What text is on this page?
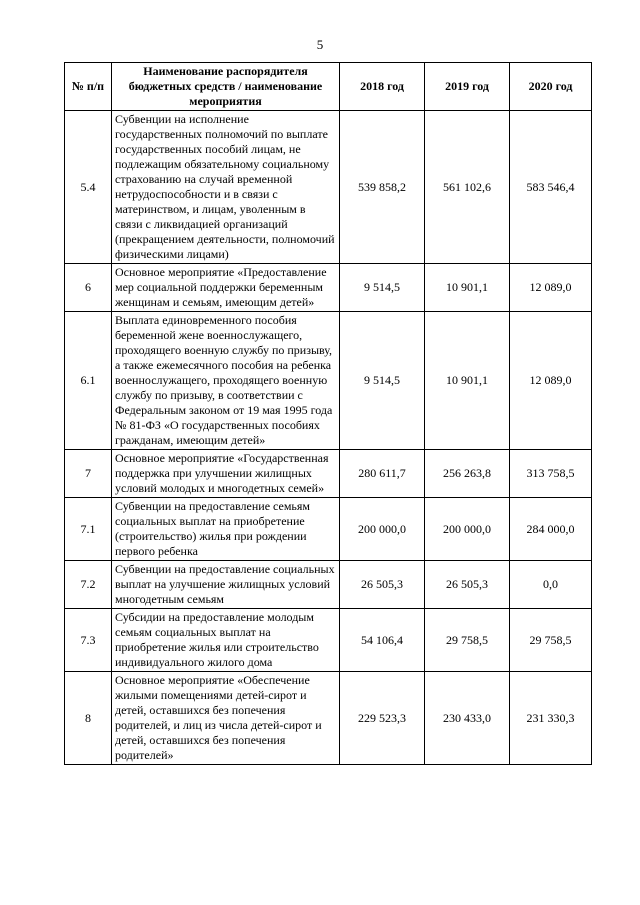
5
№ п/п	Наименование распорядителя бюджетных средств / наименование мероприятия	2018 год	2019 год	2020 год
5.4	Субвенции на исполнение государственных полномочий по выплате государственных пособий лицам, не подлежащим обязательному социальному страхованию на случай временной нетрудоспособности и в связи с материнством, и лицам, уволенным в связи с ликвидацией организаций (прекращением деятельности, полномочий физическими лицами)	539 858,2	561 102,6	583 546,4
6	Основное мероприятие «Предоставление мер социальной поддержки беременным женщинам и семьям, имеющим детей»	9 514,5	10 901,1	12 089,0
6.1	Выплата единовременного пособия беременной жене военнослужащего, проходящего военную службу по призыву, а также ежемесячного пособия на ребенка военнослужащего, проходящего военную службу по призыву, в соответствии с Федеральным законом от 19 мая 1995 года № 81-ФЗ «О государственных пособиях гражданам, имеющим детей»	9 514,5	10 901,1	12 089,0
7	Основное мероприятие «Государственная поддержка при улучшении жилищных условий молодых и многодетных семей»	280 611,7	256 263,8	313 758,5
7.1	Субвенции на предоставление семьям социальных выплат на приобретение (строительство) жилья при рождении первого ребенка	200 000,0	200 000,0	284 000,0
7.2	Субвенции на предоставление социальных выплат на улучшение жилищных условий многодетным семьям	26 505,3	26 505,3	0,0
7.3	Субсидии на предоставление молодым семьям социальных выплат на приобретение жилья или строительство индивидуального жилого дома	54 106,4	29 758,5	29 758,5
8	Основное мероприятие «Обеспечение жилыми помещениями детей-сирот и детей, оставшихся без попечения родителей, и лиц из числа детей-сирот и детей, оставшихся без попечения родителей»	229 523,3	230 433,0	231 330,3
